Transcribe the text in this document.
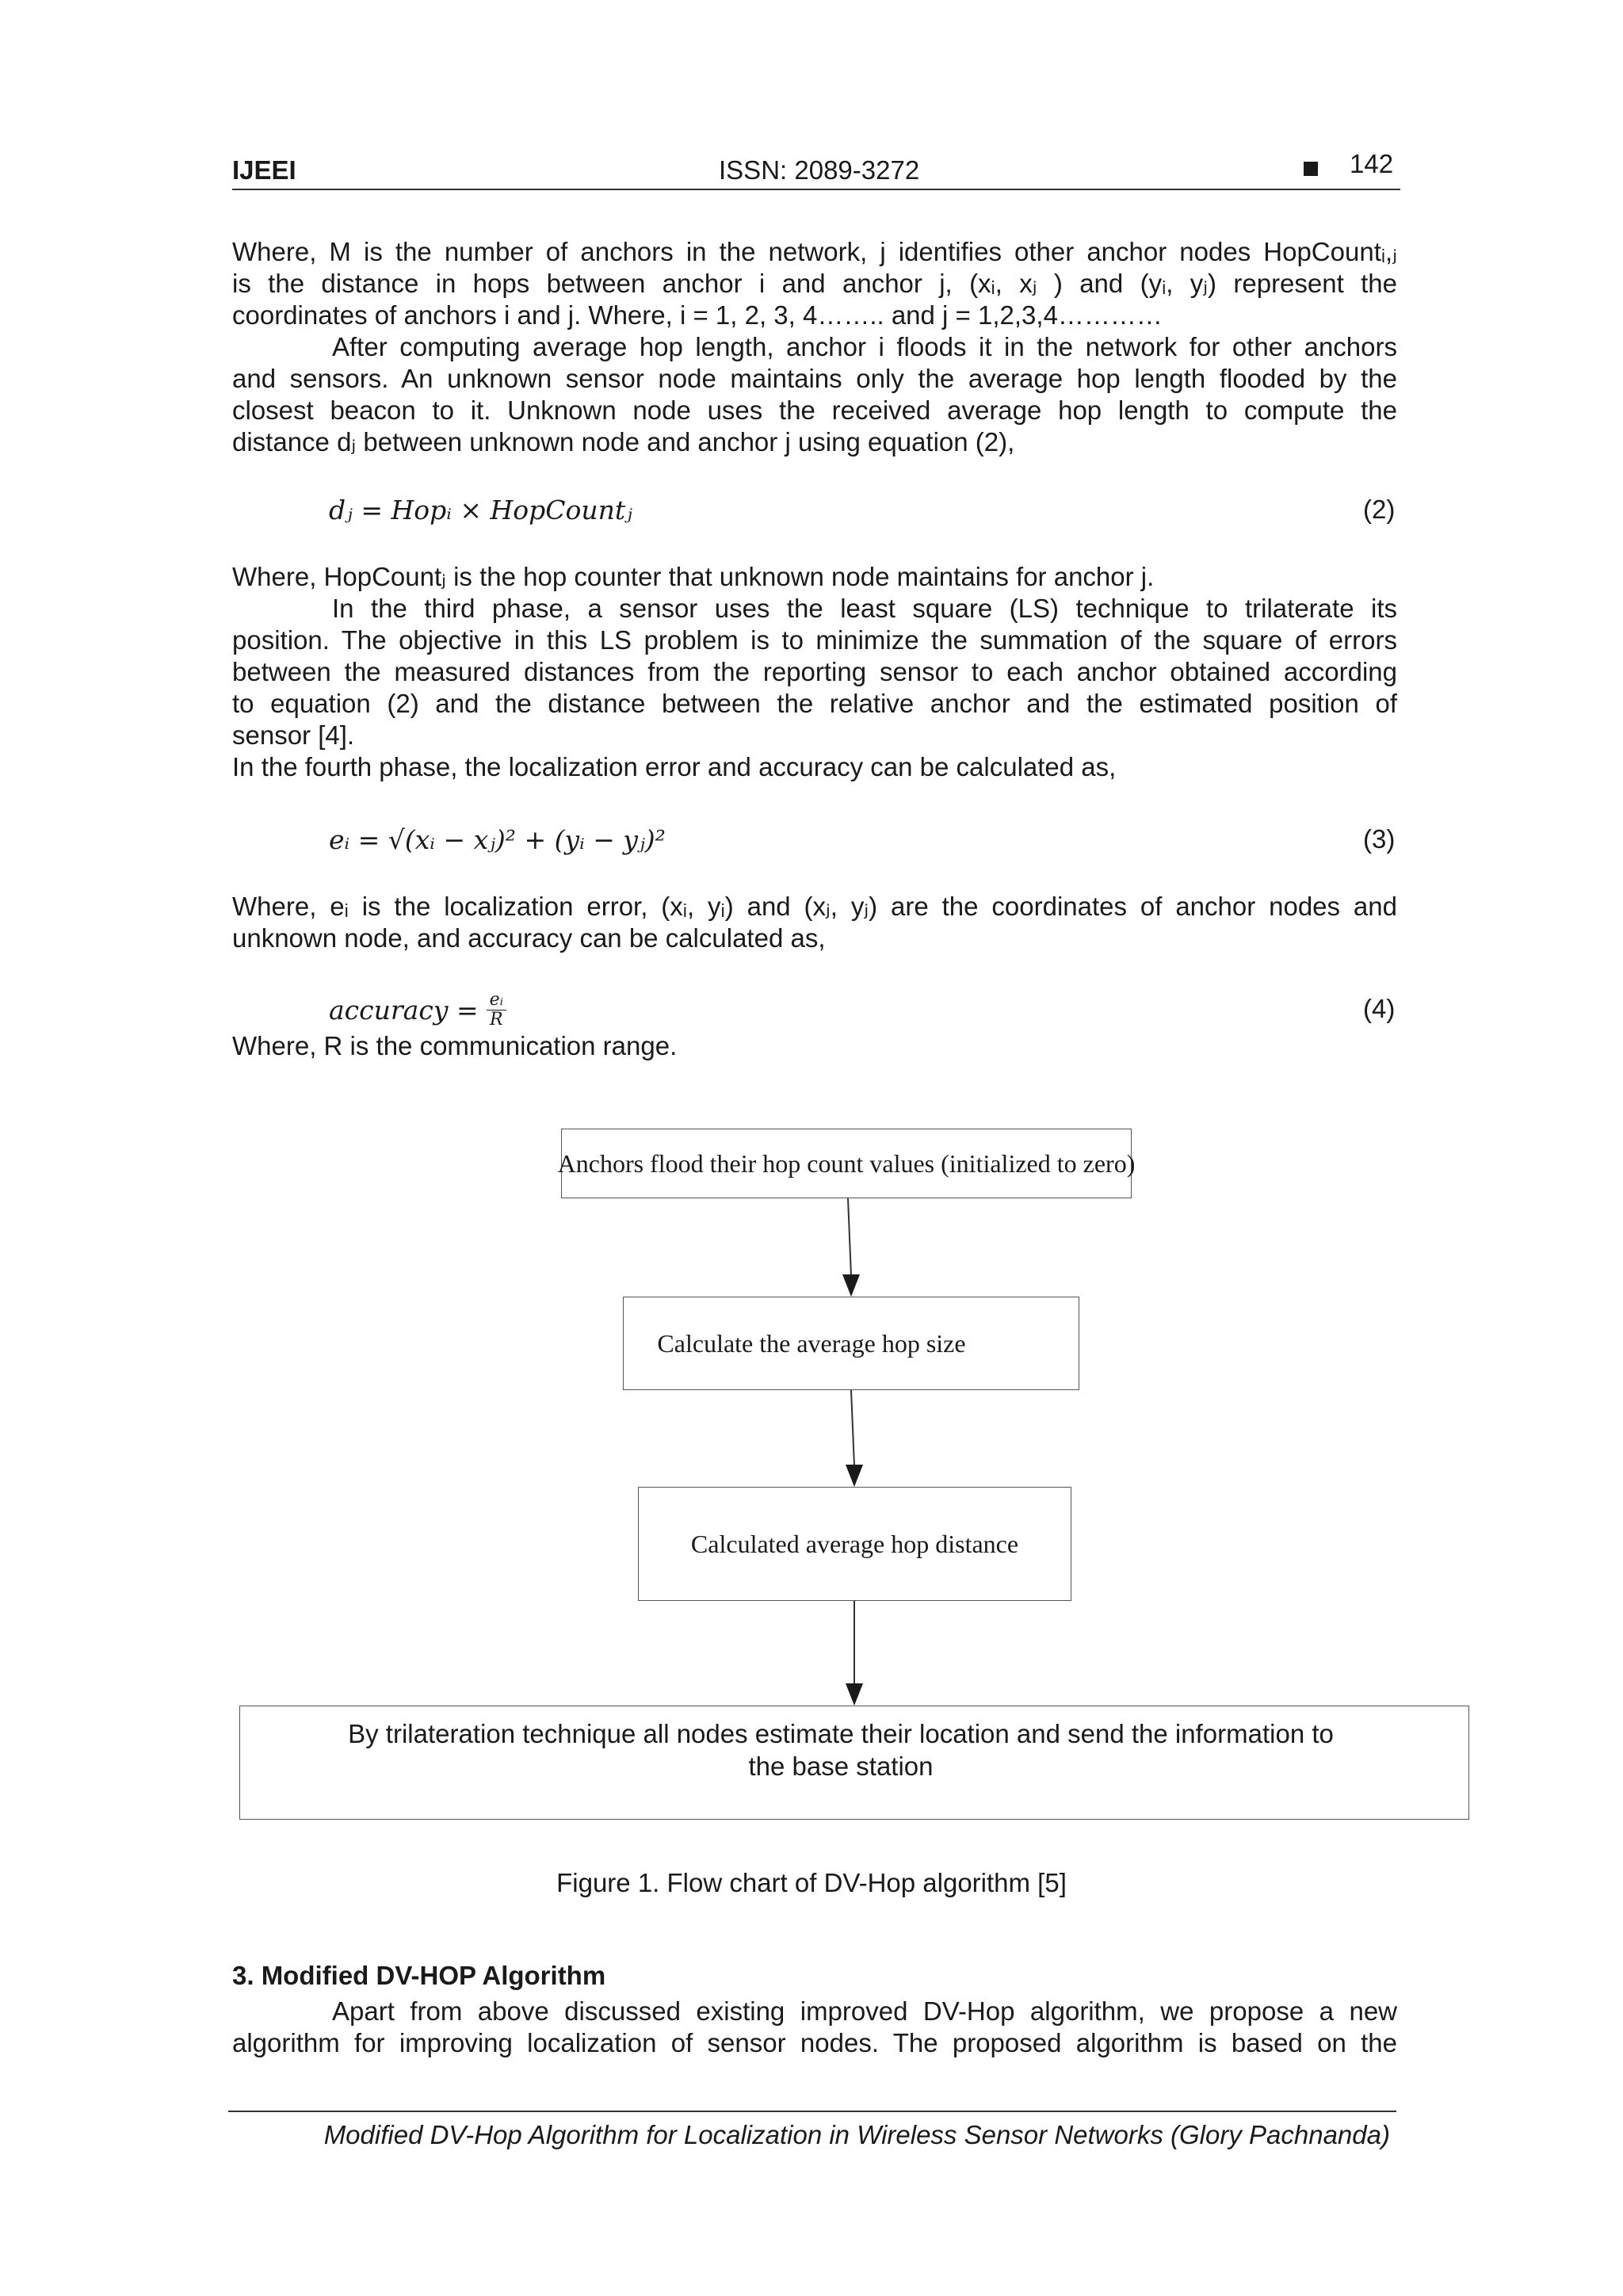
IJEEI	ISSN: 2089-3272	142
Where, M is the number of anchors in the network, j identifies other anchor nodes HopCountᵢ,ⱼ
is the distance in hops between anchor i and anchor j, (xᵢ, xⱼ ) and (yᵢ, yⱼ) represent the
coordinates of anchors i and j. Where, i = 1, 2, 3, 4…….. and j = 1,2,3,4…………
After computing average hop length, anchor i floods it in the network for other anchors
and sensors. An unknown sensor node maintains only the average hop length flooded by the
closest beacon to it. Unknown node uses the received average hop length to compute the
distance dⱼ between unknown node and anchor j using equation (2),
dⱼ = Hopᵢ × HopCountⱼ	(2)
Where, HopCountⱼ is the hop counter that unknown node maintains for anchor j.
In the third phase, a sensor uses the least square (LS) technique to trilaterate its
position. The objective in this LS problem is to minimize the summation of the square of errors
between the measured distances from the reporting sensor to each anchor obtained according
to equation (2) and the distance between the relative anchor and the estimated position of
sensor [4].
In the fourth phase, the localization error and accuracy can be calculated as,
eᵢ = √(xᵢ − xⱼ)² + (yᵢ − yⱼ)²	(3)
Where, eᵢ is the localization error, (xᵢ, yᵢ) and (xⱼ, yⱼ) are the coordinates of anchor nodes and
unknown node, and accuracy can be calculated as,
accuracy = $\frac{\text{eᵢ}}{R}$	(4)
Where, R is the communication range.
Anchors flood their hop count values (initialized to zero)
Calculate the average hop size
Calculated average hop distance
By trilateration technique all nodes estimate their location and send the information to
the base station
Figure 1. Flow chart of DV-Hop algorithm [5]
3. Modified DV-HOP Algorithm
Apart from above discussed existing improved DV-Hop algorithm, we propose a new
algorithm for improving localization of sensor nodes. The proposed algorithm is based on the
Modified DV-Hop Algorithm for Localization in Wireless Sensor Networks (Glory Pachnanda)
